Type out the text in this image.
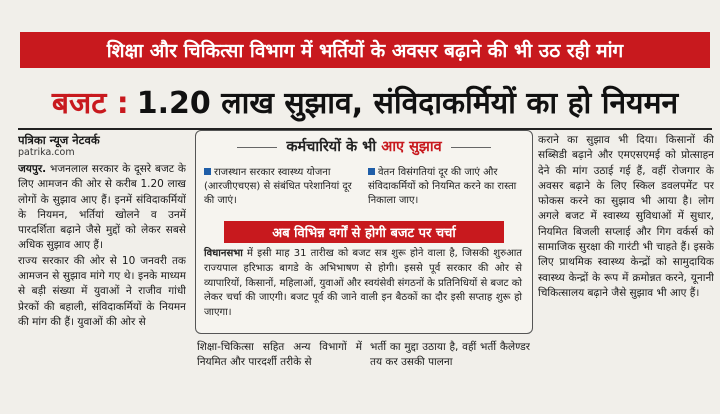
शिक्षा और चिकित्सा विभाग में भर्तियों के अवसर बढ़ाने की भी उठ रही मांग
बजट : 1.20 लाख सुझाव, संविदाकर्मियों का हो नियमन
पत्रिका न्यूज नेटवर्क
patrika.com

जयपुर. भजनलाल सरकार के दूसरे बजट के लिए आमजन की ओर से करीब 1.20 लाख लोगों के सुझाव आए हैं। इनमें संविदाकर्मियों के नियमन, भर्तियां खोलने व उनमें पारदर्शिता बढ़ाने जैसे मुद्दों को लेकर सबसे अधिक सुझाव आए हैं।

राज्य सरकार की ओर से 10 जनवरी तक आमजन से सुझाव मांगे गए थे। इनके माध्यम से बड़ी संख्या में युवाओं ने राजीव गांधी प्रेरकों की बहाली, संविदाकर्मियों के नियमन की मांग की हैं। युवाओं की ओर से

कर्मचारियों के भी आए सुझाव
राजस्थान सरकार स्वास्थ्य योजना (आरजीएचएस) से संबंधित परेशानियां दूर की जाएं।
वेतन विसंगतियां दूर की जाएं और संविदाकर्मियों को नियमित करने का रास्ता निकाला जाए।
अब विभिन्न वर्गों से होगी बजट पर चर्चा
विधानसभा में इसी माह 31 तारीख को बजट सत्र शुरू होने वाला है, जिसकी शुरुआत राज्यपाल हरिभाऊ बागडे के अभिभाषण से होगी। इससे पूर्व सरकार की ओर से व्यापारियों, किसानों, महिलाओं, युवाओं और स्वयंसेवी संगठनों के प्रतिनिधियों से बजट को लेकर चर्चा की जाएगी। बजट पूर्व की जाने वाली इन बैठकों का दौर इसी सप्ताह शुरू हो जाएगा।
शिक्षा-चिकित्सा सहित अन्य विभागों में नियमित और पारदर्शी तरीके से
भर्ती का मुद्दा उठाया है, वहीं भर्ती कैलेण्डर तय कर उसकी पालना
कराने का सुझाव भी दिया। किसानों की सब्सिडी बढ़ाने और एमएसएमई को प्रोत्साहन देने की मांग उठाई गई हैं, वहीं रोजगार के अवसर बढ़ाने के लिए स्किल डवलपमेंट पर फोकस करने का सुझाव भी आया है। लोग अगले बजट में स्वास्थ्य सुविधाओं में सुधार, नियमित बिजली सप्लाई और गिग वर्कर्स को सामाजिक सुरक्षा की गारंटी भी चाहते हैं। इसके लिए प्राथमिक स्वास्थ्य केन्द्रों को सामुदायिक स्वास्थ्य केन्द्रों के रूप में क्रमोन्नत करने, यूनानी चिकित्सालय बढ़ाने जैसे सुझाव भी आए हैं।
